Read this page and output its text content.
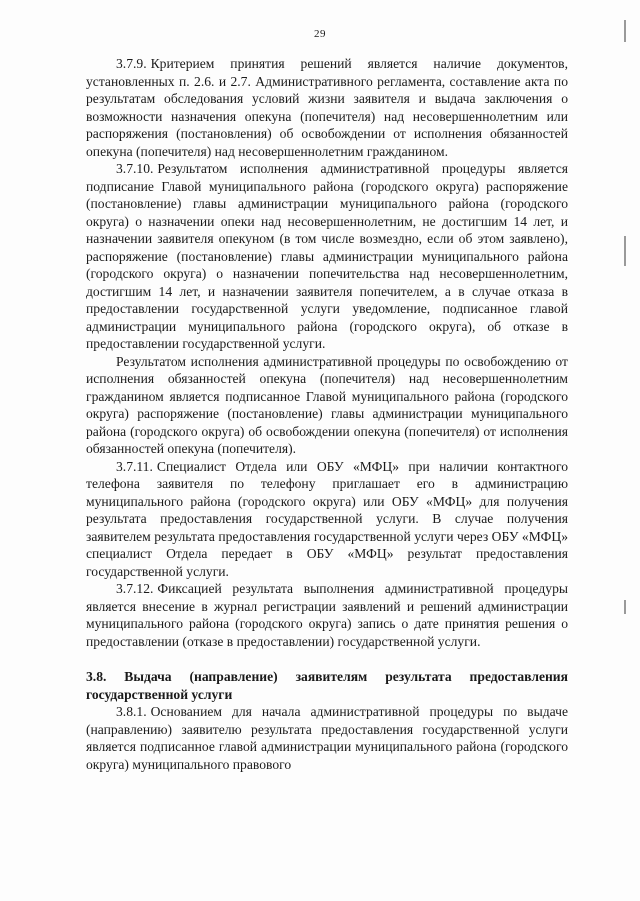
29

3.7.9. Критерием принятия решений является наличие документов, установленных п. 2.6. и 2.7. Административного регламента, составление акта по результатам обследования условий жизни заявителя и выдача заключения о возможности назначения опекуна (попечителя) над несовершеннолетним или распоряжения (постановления) об освобождении от исполнения обязанностей опекуна (попечителя) над несовершеннолетним гражданином.

3.7.10. Результатом исполнения административной процедуры является подписание Главой муниципального района (городского округа) распоряжение (постановление) главы администрации муниципального района (городского округа) о назначении опеки над несовершеннолетним, не достигшим 14 лет, и назначении заявителя опекуном (в том числе возмездно, если об этом заявлено), распоряжение (постановление) главы администрации муниципального района (городского округа) о назначении попечительства над несовершеннолетним, достигшим 14 лет, и назначении заявителя попечителем, а в случае отказа в предоставлении государственной услуги уведомление, подписанное главой администрации муниципального района (городского округа), об отказе в предоставлении государственной услуги.

Результатом исполнения административной процедуры по освобождению от исполнения обязанностей опекуна (попечителя) над несовершеннолетним гражданином является подписанное Главой муниципального района (городского округа) распоряжение (постановление) главы администрации муниципального района (городского округа) об освобождении опекуна (попечителя) от исполнения обязанностей опекуна (попечителя).

3.7.11. Специалист Отдела или ОБУ «МФЦ» при наличии контактного телефона заявителя по телефону приглашает его в администрацию муниципального района (городского округа) или ОБУ «МФЦ» для получения результата предоставления государственной услуги. В случае получения заявителем результата предоставления государственной услуги через ОБУ «МФЦ» специалист Отдела передает в ОБУ «МФЦ» результат предоставления государственной услуги.

3.7.12. Фиксацией результата выполнения административной процедуры является внесение в журнал регистрации заявлений и решений администрации муниципального района (городского округа) запись о дате принятия решения о предоставлении (отказе в предоставлении) государственной услуги.

3.8. Выдача (направление) заявителям результата предоставления государственной услуги

3.8.1. Основанием для начала административной процедуры по выдаче (направлению) заявителю результата предоставления государственной услуги является подписанное главой администрации муниципального района (городского округа) муниципального правового
